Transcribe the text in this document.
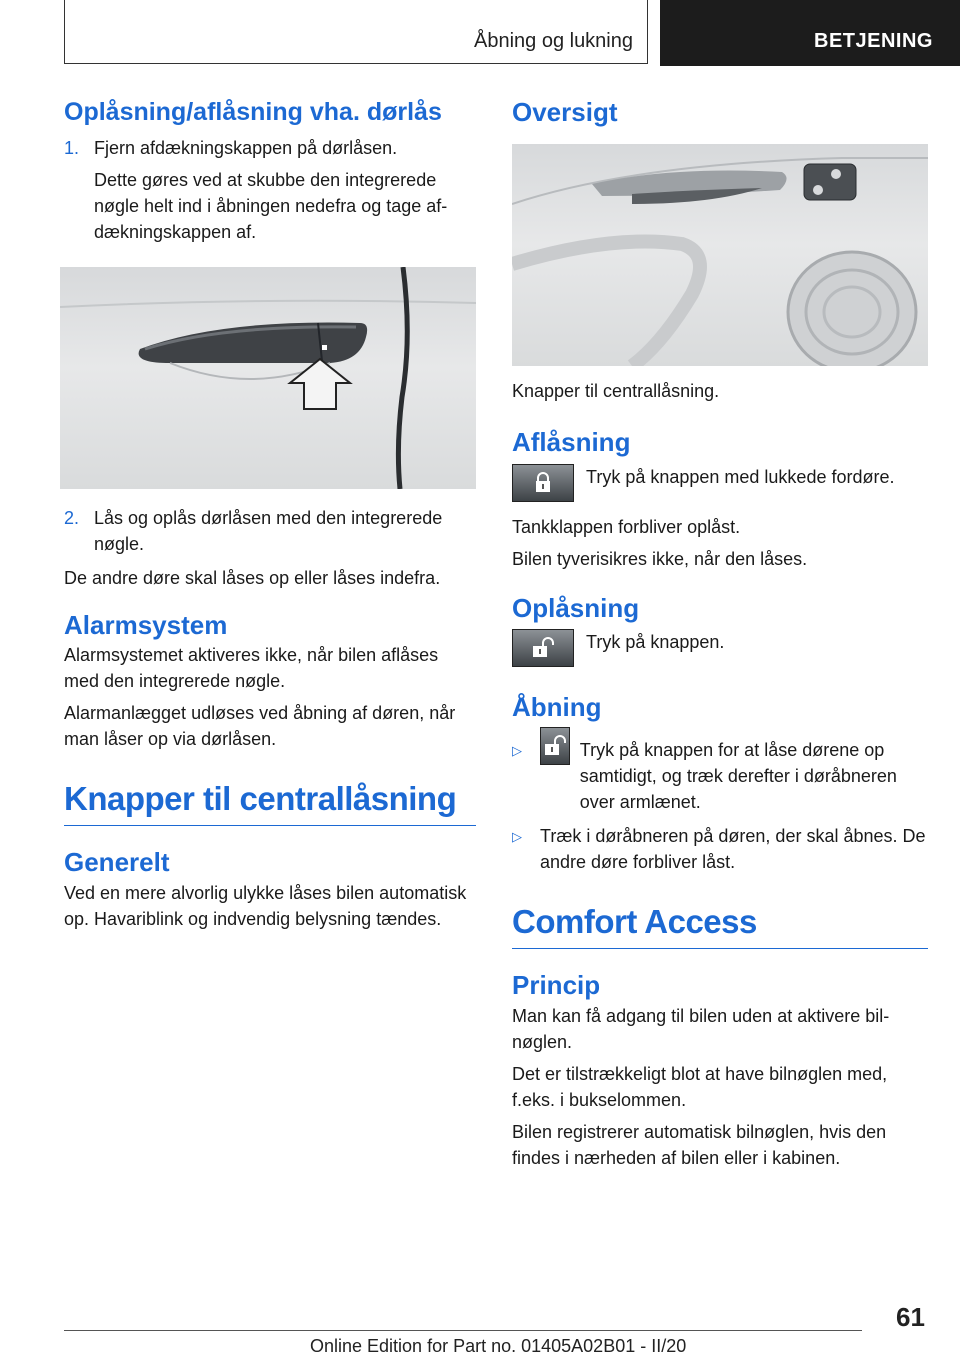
Åbning og lukning	BETJENING
Oplåsning/aflåsning vha. dørlås
1. Fjern afdækningskappen på dørlåsen.

Dette gøres ved at skubbe den integrerede nøgle helt ind i åbningen nedefra og tage afdækningskappen af.

2. Lås og oplås dørlåsen med den integrerede nøgle.

De andre døre skal låses op eller låses indefra.

Alarmsystem

Alarmsystemet aktiveres ikke, når bilen aflåses med den integrerede nøgle.

Alarmanlægget udløses ved åbning af døren, når man låser op via dørlåsen.

Knapper til centrallåsning
Generelt

Ved en mere alvorlig ulykke låses bilen automatisk op. Havariblink og indvendig belysning tændes.

Oversigt

Knapper til centrallåsning.

Aflåsning

Tryk på knappen med lukkede fordøre.

Tankklappen forbliver oplåst.

Bilen tyverisikres ikke, når den låses.

Oplåsning

Tryk på knappen.

Åbning
▷	Tryk på knappen for at låse dørene op samtidigt, og træk derefter i døråbneren over armlænet.

▷	Træk i døråbneren på døren, der skal åbnes. De andre døre forbliver låst.

Comfort Access
Princip

Man kan få adgang til bilen uden at aktivere bilnøglen.

Det er tilstrækkeligt blot at have bilnøglen med, f.eks. i bukselommen.

Bilen registrerer automatisk bilnøglen, hvis den findes i nærheden af bilen eller i kabinen.

61
Online Edition for Part no. 01405A02B01 - II/20
